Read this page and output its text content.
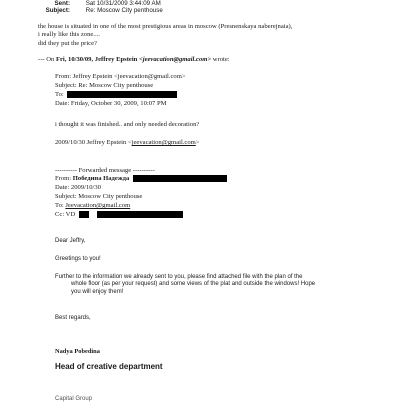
Sent:	Sat 10/31/2009 3:44:09 AM
Subject:	Re: Moscow City penthouse
the house is situated in one of the most prestigious areas in moscow (Presnenskaya naberejnaia),
i really like this zone....
did they put the price?
--- On Fri, 10/30/09, Jeffrey Epstein <jeevacation@gmail.com> wrote:
From: Jeffrey Epstein <jeevacation@gmail.com>
Subject: Re: Moscow City penthouse
To:
Date: Friday, October 30, 2009, 10:07 PM
i thought it was finished.. and only needed decoration?
2009/10/30 Jeffrey Epstein <jeevacation@gmail.com>
---------- Forwarded message ----------
From: Победина Надежда
Date: 2009/10/30
Subject: Moscow City penthouse
To: Jeevacation@gmail.com
Cc: VD
Dear Jeffry,
Greetings to you!
Further to the information we already sent to you, please find attached file with the plan of the
whole floor (as per your request) and some views of the plat and outside the windows! Hope
you will enjoy them!
Best regards,
Nadya Pobedina
Head of creative department
Capital Group
